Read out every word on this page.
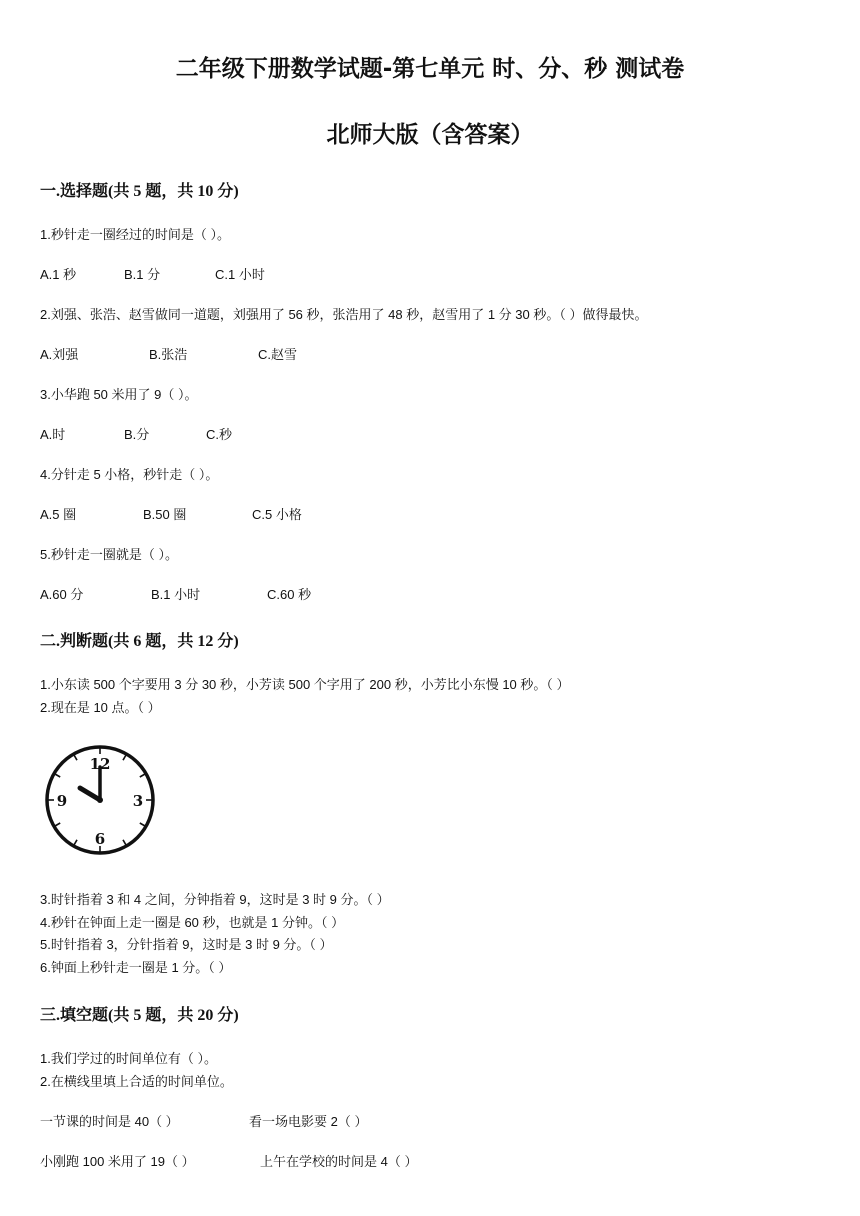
二年级下册数学试题-第七单元 时、分、秒 测试卷
北师大版（含答案）
一.选择题(共 5 题，共 10 分)
1.秒针走一圈经过的时间是（ ）。
A.1 秒	B.1 分	C.1 小时
2.刘强、张浩、赵雪做同一道题，刘强用了 56 秒，张浩用了 48 秒，赵雪用了 1 分 30 秒。（ ）做得最快。
A.刘强	B.张浩	C.赵雪
3.小华跑 50 米用了 9（ ）。
A.时	B.分	C.秒
4.分针走 5 小格，秒针走（ ）。
A.5 圈	B.50 圈	C.5 小格
5.秒针走一圈就是（ ）。
A.60 分	B.1 小时	C.60 秒
二.判断题(共 6 题，共 12 分)
1.小东读 500 个字要用 3 分 30 秒，小芳读 500 个字用了 200 秒，小芳比小东慢 10 秒。（ ）
2.现在是 10 点。（ ）
12
3
6
9
3.时针指着 3 和 4 之间，分钟指着 9，这时是 3 时 9 分。（ ）
4.秒针在钟面上走一圈是 60 秒，也就是 1 分钟。（ ）
5.时针指着 3，分针指着 9，这时是 3 时 9 分。（ ）
6.钟面上秒针走一圈是 1 分。（ ）
三.填空题(共 5 题，共 20 分)
1.我们学过的时间单位有（ ）。
2.在横线里填上合适的时间单位。
一节课的时间是 40（ ）	看一场电影要 2（ ）
小刚跑 100 米用了 19（ ）	上午在学校的时间是 4（ ）
